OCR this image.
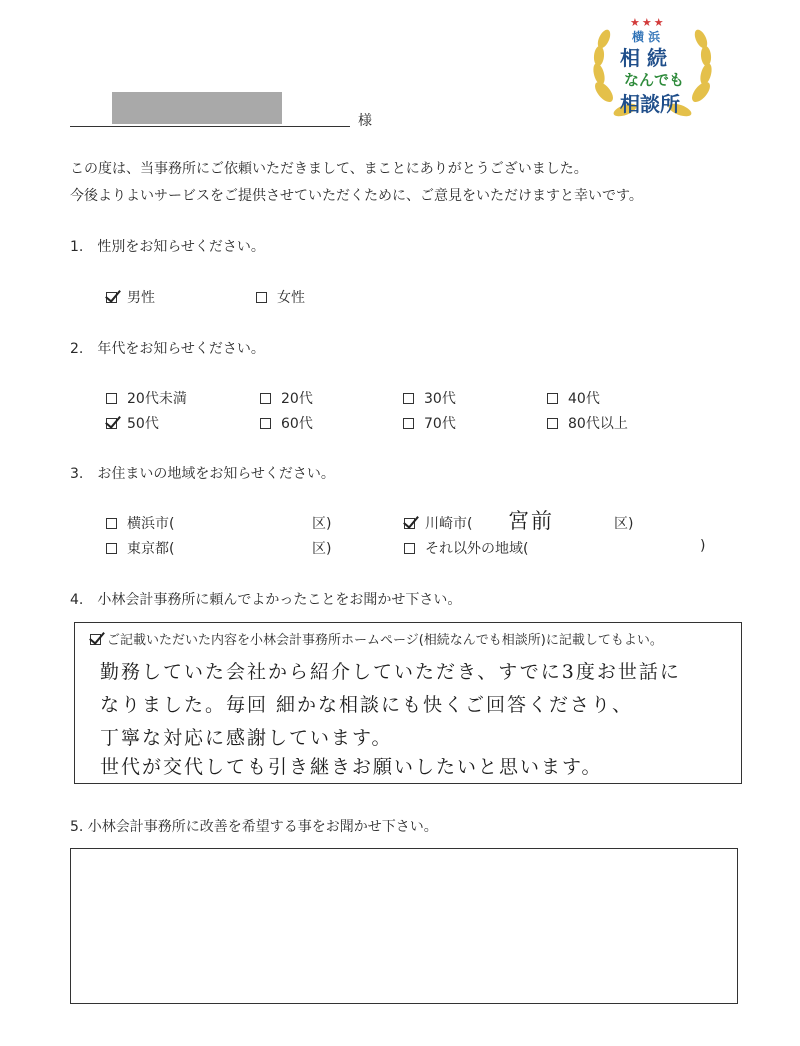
★★★
横 浜
相 続
なんでも
相談所
様
この度は、当事務所にご依頼いただきまして、まことにありがとうございました。
今後よりよいサービスをご提供させていただくために、ご意見をいただけますと幸いです。
1.　性別をお知らせください。
男性	女性
2.　年代をお知らせください。
20代未満	20代	30代	40代
50代	60代	70代	80代以上
3.　お住まいの地域をお知らせください。
横浜市(	区)	川崎市( 宮前	区)
東京都(	区)	それ以外の地域(	)
4.　小林会計事務所に頼んでよかったことをお聞かせ下さい。
ご記載いただいた内容を小林会計事務所ホームページ(相続なんでも相談所)に記載してもよい。
勤務していた会社から紹介していただき、すでに3度お世話に
なりました。毎回 細かな相談にも快くご回答くださり、
丁寧な対応に感謝しています。
世代が交代しても引き継きお願いしたいと思います。
5. 小林会計事務所に改善を希望する事をお聞かせ下さい。
